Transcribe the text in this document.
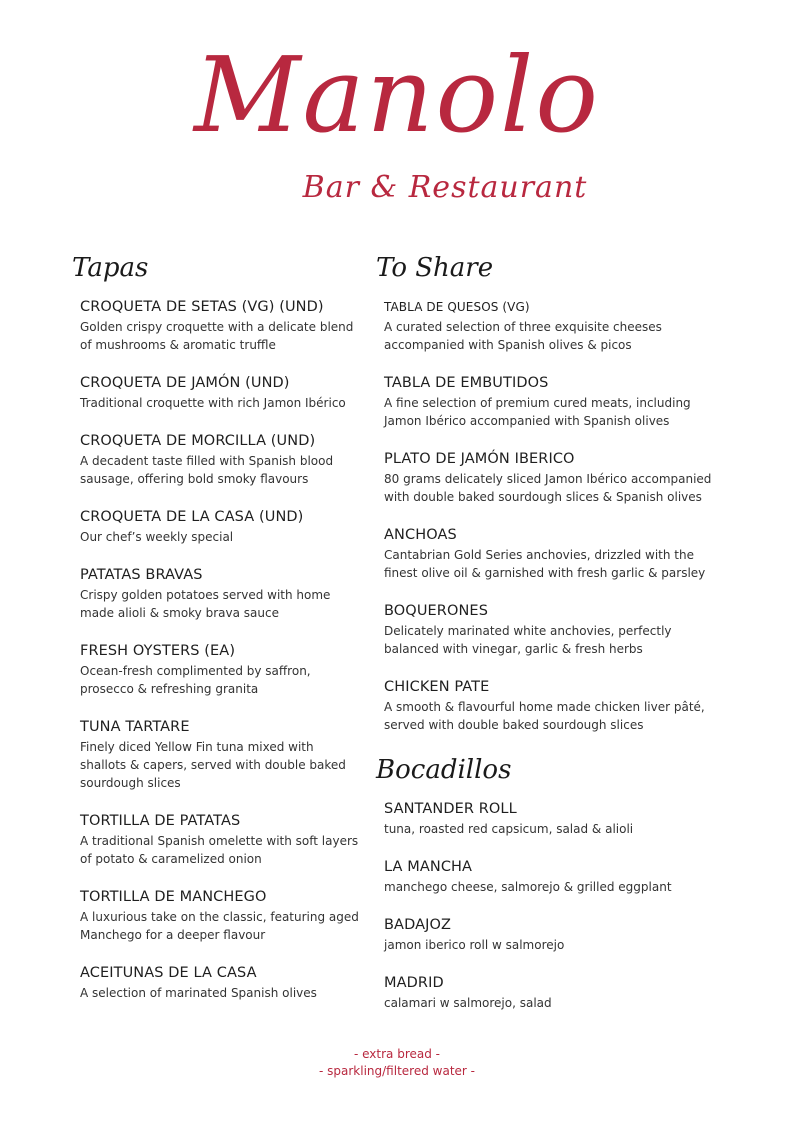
Manolo
Bar & Restaurant
Tapas
CROQUETA DE SETAS (VG) (UND)
Golden crispy croquette with a delicate blend of mushrooms & aromatic truffle
CROQUETA DE JAMÓN (UND)
Traditional croquette with rich Jamon Ibérico
CROQUETA DE MORCILLA (UND)
A decadent taste filled with Spanish blood sausage, offering bold smoky flavours
CROQUETA DE LA CASA (UND)
Our chef’s weekly special
PATATAS BRAVAS
Crispy golden potatoes served with home made alioli & smoky brava sauce
FRESH OYSTERS (EA)
Ocean-fresh complimented by saffron, prosecco & refreshing granita
TUNA TARTARE
Finely diced Yellow Fin tuna mixed with shallots & capers, served with double baked sourdough slices
TORTILLA DE PATATAS
A traditional Spanish omelette with soft layers of potato & caramelized onion
TORTILLA DE MANCHEGO
A luxurious take on the classic, featuring aged Manchego for a deeper flavour
ACEITUNAS DE LA CASA
A selection of marinated Spanish olives
To Share
TABLA DE QUESOS (VG)
A curated selection of three exquisite cheeses accompanied with Spanish olives & picos
TABLA DE EMBUTIDOS
A fine selection of premium cured meats, including Jamon Ibérico accompanied with Spanish olives
PLATO DE JAMÓN IBERICO
80 grams delicately sliced Jamon Ibérico accompanied with double baked sourdough slices & Spanish olives
ANCHOAS
Cantabrian Gold Series anchovies, drizzled with the finest olive oil & garnished with fresh garlic & parsley
BOQUERONES
Delicately marinated white anchovies, perfectly balanced with vinegar, garlic & fresh herbs
CHICKEN PATE
A smooth & flavourful home made chicken liver pâté, served with double baked sourdough slices
Bocadillos
SANTANDER ROLL
tuna, roasted red capsicum, salad & alioli
LA MANCHA
manchego cheese, salmorejo & grilled eggplant
BADAJOZ
jamon iberico roll w salmorejo
MADRID
calamari w salmorejo, salad
- extra bread -
- sparkling/filtered water -
